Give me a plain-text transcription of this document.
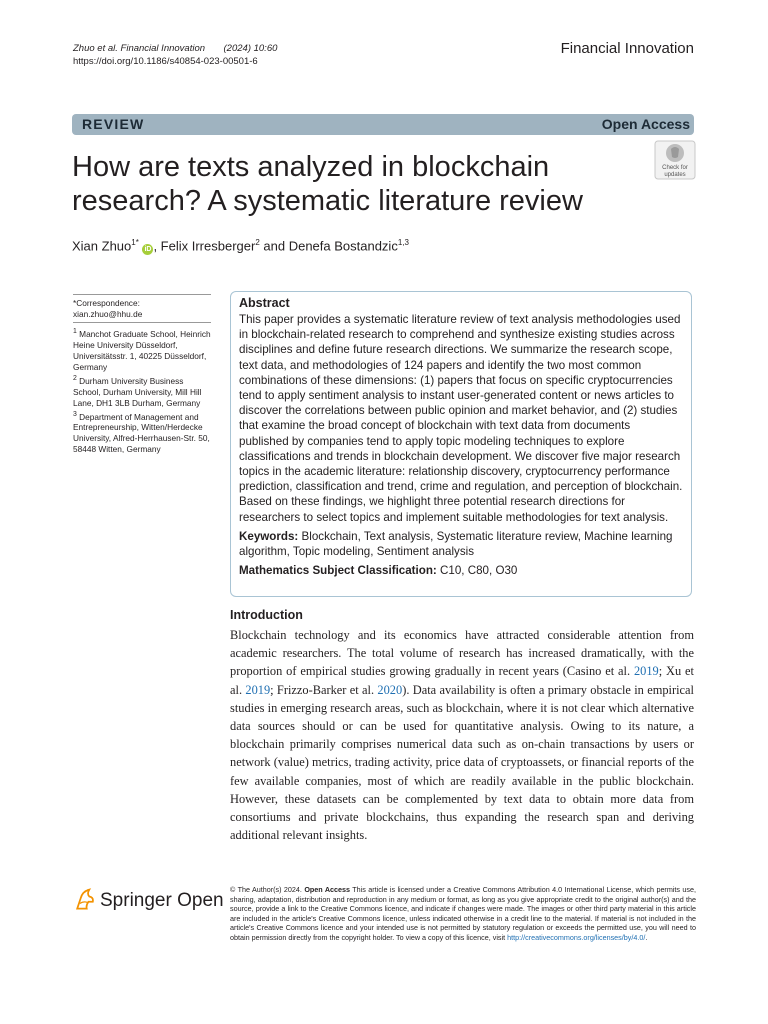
Zhuo et al. Financial Innovation (2024) 10:60
https://doi.org/10.1186/s40854-023-00501-6
Financial Innovation
REVIEW	Open Access
How are texts analyzed in blockchain research? A systematic literature review
Check for
updates
Xian Zhuo$^{1*}$ iD , Felix Irresberger$^2$ and Denefa Bostandzic$^{1,3}$

*Correspondence:

xian.zhuo@hhu.de

$^1$ Manchot Graduate School, Heinrich Heine University Düsseldorf, Universitätsstr. 1, 40225 Düsseldorf, Germany

$^2$ Durham University Business School, Durham University, Mill Hill Lane, DH1 3LB Durham, Germany

$^3$ Department of Management and Entrepreneurship, Witten/Herdecke University, Alfred-Herrhausen-Str. 50, 58448 Witten, Germany

Abstract

This paper provides a systematic literature review of text analysis methodologies used in blockchain-related research to comprehend and synthesize existing studies across disciplines and define future research directions. We summarize the research scope, text data, and methodologies of 124 papers and identify the two most common combinations of these dimensions: (1) papers that focus on specific cryptocurrencies tend to apply sentiment analysis to instant user-generated content or news articles to discover the correlations between public opinion and market behavior, and (2) studies that examine the broad concept of blockchain with text data from documents published by companies tend to apply topic modeling techniques to explore classifications and trends in blockchain development. We discover five major research topics in the academic literature: relationship discovery, cryptocurrency performance prediction, classification and trend, crime and regulation, and perception of blockchain. Based on these findings, we highlight three potential research directions for researchers to select topics and implement suitable methodologies for text analysis.

Keywords: Blockchain, Text analysis, Systematic literature review, Machine learning algorithm, Topic modeling, Sentiment analysis

Mathematics Subject Classification: C10, C80, O30

Introduction

Blockchain technology and its economics have attracted considerable attention from academic researchers. The total volume of research has increased dramatically, with the proportion of empirical studies growing gradually in recent years (Casino et al. 2019; Xu et al. 2019; Frizzo-Barker et al. 2020). Data availability is often a primary obstacle in empirical studies in emerging research areas, such as blockchain, where it is not clear which alternative data sources should or can be used for quantitative analysis. Owing to its nature, a blockchain primarily comprises numerical data such as on-chain transactions by users or network (value) metrics, trading activity, price data of cryptoassets, or financial reports of the few available companies, most of which are readily available in the public blockchain. However, these datasets can be complemented by text data to obtain more data from consortiums and private blockchains, thus expanding the research span and deriving additional relevant insights.

Springer Open

© The Author(s) 2024. Open Access This article is licensed under a Creative Commons Attribution 4.0 International License, which permits use, sharing, adaptation, distribution and reproduction in any medium or format, as long as you give appropriate credit to the original author(s) and the source, provide a link to the Creative Commons licence, and indicate if changes were made. The images or other third party material in this article are included in the article's Creative Commons licence, unless indicated otherwise in a credit line to the material. If material is not included in the article's Creative Commons licence and your intended use is not permitted by statutory regulation or exceeds the permitted use, you will need to obtain permission directly from the copyright holder. To view a copy of this licence, visit http://creativecommons.org/licenses/by/4.0/.
